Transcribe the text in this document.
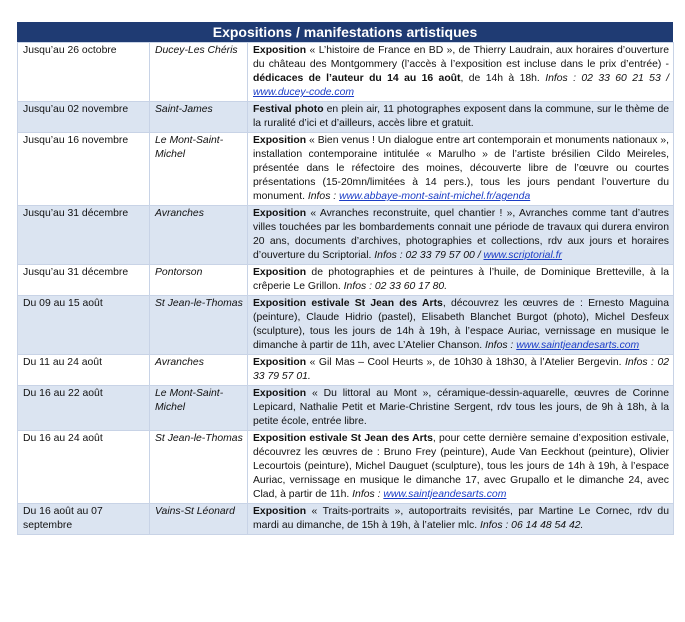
Expositions / manifestations artistiques
Jusqu’au 26 octobre	Ducey-Les Chéris	Exposition « L’histoire de France en BD », de Thierry Laudrain, aux horaires d’ouverture du château des Montgommery (l’accès à l’exposition est incluse dans le prix d’entrée) - dédicaces de l’auteur du 14 au 16 août, de 14h à 18h. Infos : 02 33 60 21 53 / www.ducey-code.com
Jusqu’au 02 novembre	Saint-James	Festival photo en plein air, 11 photographes exposent dans la commune, sur le thème de la ruralité d’ici et d’ailleurs, accès libre et gratuit.
Jusqu’au 16 novembre	Le Mont-Saint-Michel	Exposition « Bien venus ! Un dialogue entre art contemporain et monuments nationaux », installation contemporaine intitulée « Marulho » de l’artiste brésilien Cildo Meireles, présentée dans le réfectoire des moines, découverte libre de l’œuvre ou courtes présentations (15-20mn/limitées à 14 pers.), tous les jours pendant l’ouverture du monument. Infos : www.abbaye-mont-saint-michel.fr/agenda
Jusqu’au 31 décembre	Avranches	Exposition « Avranches reconstruite, quel chantier ! », Avranches comme tant d’autres villes touchées par les bombardements connait une période de travaux qui durera environ 20 ans, documents d’archives, photographies et collections, rdv aux jours et horaires d’ouverture du Scriptorial. Infos : 02 33 79 57 00 / www.scriptorial.fr
Jusqu’au 31 décembre	Pontorson	Exposition de photographies et de peintures à l’huile, de Dominique Bretteville, à la crêperie Le Grillon. Infos : 02 33 60 17 80.
Du 09 au 15 août	St Jean-le-Thomas	Exposition estivale St Jean des Arts, découvrez les œuvres de : Ernesto Maguina (peinture), Claude Hidrio (pastel), Elisabeth Blanchet Burgot (photo), Michel Desfeux (sculpture), tous les jours de 14h à 19h, à l’espace Auriac, vernissage en musique le dimanche à partir de 11h, avec L’Atelier Chanson. Infos : www.saintjeandesarts.com
Du 11 au 24 août	Avranches	Exposition « Gil Mas – Cool Heurts », de 10h30 à 18h30, à l’Atelier Bergevin. Infos : 02 33 79 57 01.
Du 16 au 22 août	Le Mont-Saint-Michel	Exposition « Du littoral au Mont », céramique-dessin-aquarelle, œuvres de Corinne Lepicard, Nathalie Petit et Marie-Christine Sergent, rdv tous les jours, de 9h à 18h, à la petite école, entrée libre.
Du 16 au 24 août	St Jean-le-Thomas	Exposition estivale St Jean des Arts, pour cette dernière semaine d’exposition estivale, découvrez les œuvres de : Bruno Frey (peinture), Aude Van Eeckhout (peinture), Olivier Lecourtois (peinture), Michel Dauguet (sculpture), tous les jours de 14h à 19h, à l’espace Auriac, vernissage en musique le dimanche 17, avec Grupallo et le dimanche 24, avec Clad, à partir de 11h. Infos : www.saintjeandesarts.com
Du 16 août au 07 septembre	Vains-St Léonard	Exposition « Traits-portraits », autoportraits revisités, par Martine Le Cornec, rdv du mardi au dimanche, de 15h à 19h, à l’atelier mlc. Infos : 06 14 48 54 42.
